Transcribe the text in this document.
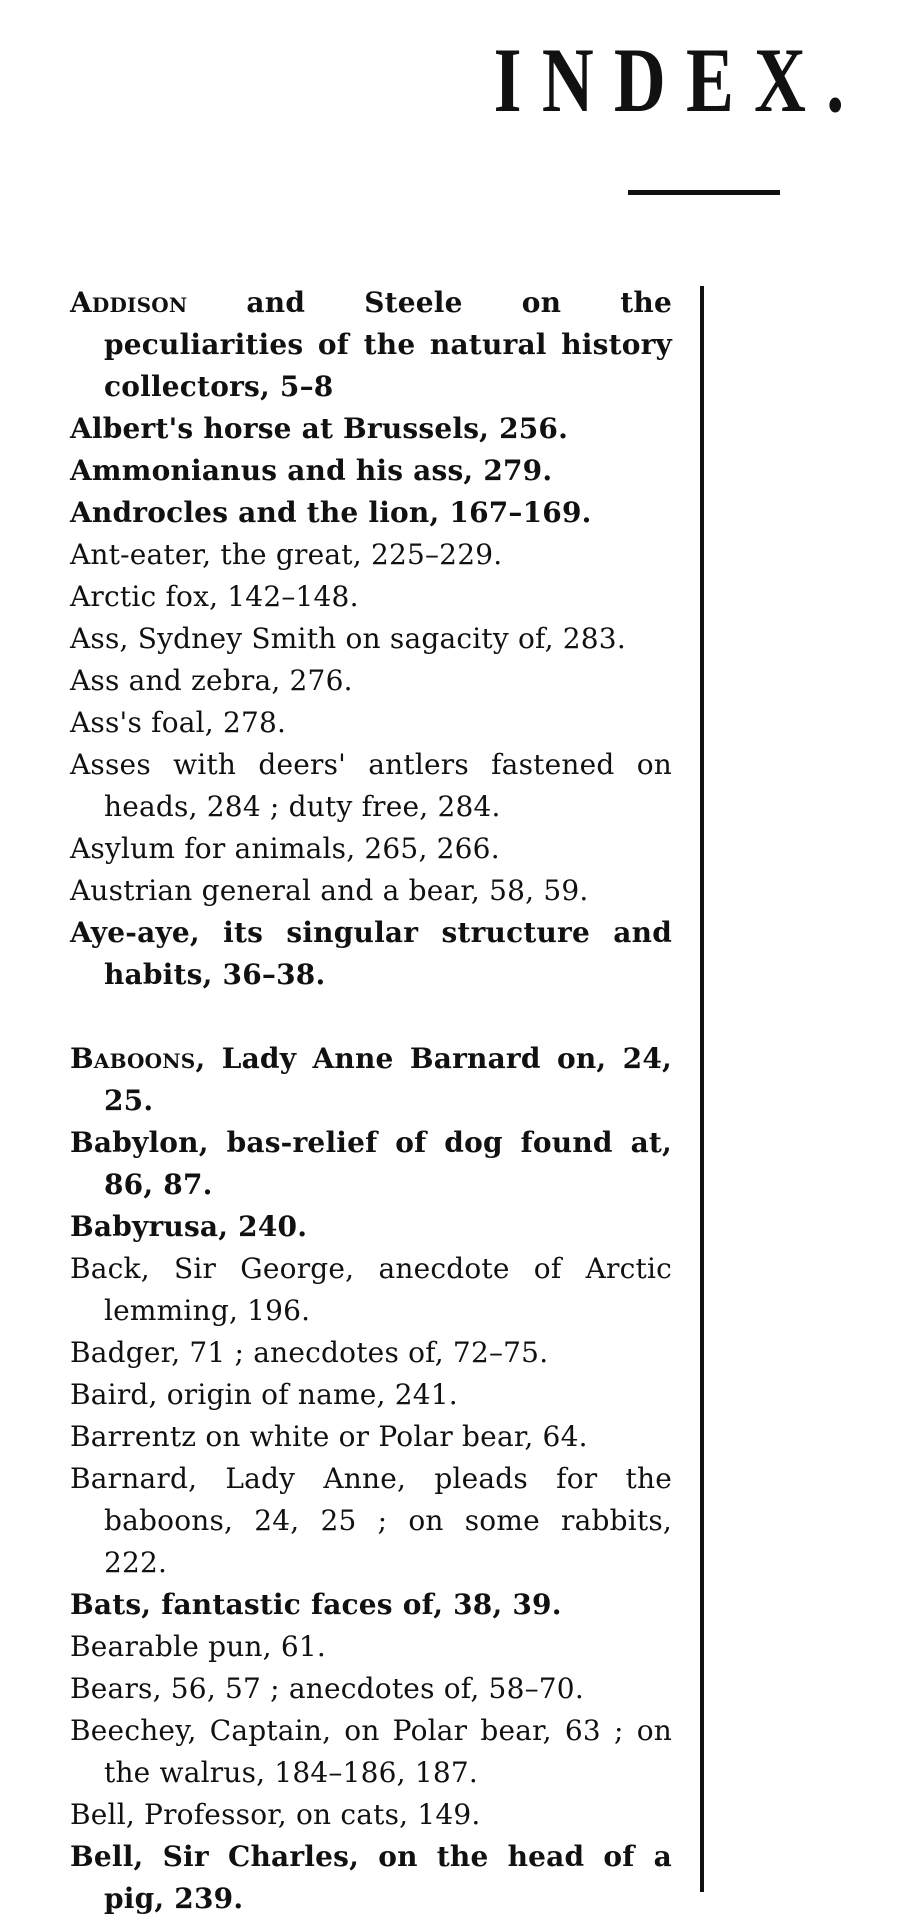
INDEX.
Addison and Steele on the peculiarities of the natural history collectors, 5–8
Albert's horse at Brussels, 256.
Ammonianus and his ass, 279.
Androcles and the lion, 167–169.
Ant-eater, the great, 225–229.
Arctic fox, 142–148.
Ass, Sydney Smith on sagacity of, 283.
Ass and zebra, 276.
Ass's foal, 278.
Asses with deers' antlers fastened on heads, 284 ; duty free, 284.
Asylum for animals, 265, 266.
Austrian general and a bear, 58, 59.
Aye-aye, its singular structure and habits, 36–38.
Baboons, Lady Anne Barnard on, 24, 25.
Babylon, bas-relief of dog found at, 86, 87.
Babyrusa, 240.
Back, Sir George, anecdote of Arctic lemming, 196.
Badger, 71 ; anecdotes of, 72–75.
Baird, origin of name, 241.
Barrentz on white or Polar bear, 64.
Barnard, Lady Anne, pleads for the baboons, 24, 25 ; on some rabbits, 222.
Bats, fantastic faces of, 38, 39.
Bearable pun, 61.
Bears, 56, 57 ; anecdotes of, 58–70.
Beechey, Captain, on Polar bear, 63 ; on the walrus, 184–186, 187.
Bell, Professor, on cats, 149.
Bell, Sir Charles, on the head of a pig, 239.
